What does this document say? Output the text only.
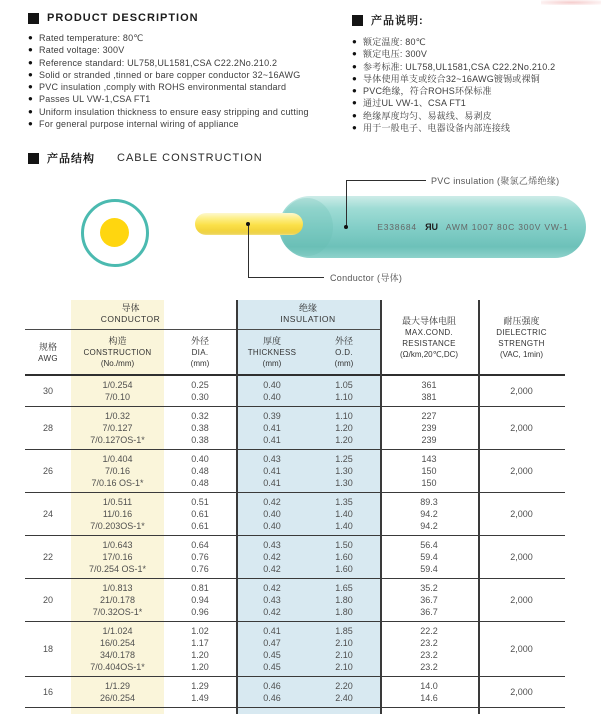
PRODUCT DESCRIPTION
● Rated temperature: 80℃
● Rated voltage: 300V
● Reference standard: UL758,UL1581,CSA C22.2No.210.2
● Solid or stranded ,tinned or bare copper conductor 32~16AWG
● PVC insulation ,comply with ROHS environmental standard
● Passes UL VW-1,CSA FT1
● Uniform insulation thickness to ensure easy stripping and cutting
● For general purpose internal wiring of appliance
产品说明:
● 额定温度: 80℃
● 额定电压: 300V
● 参考标准: UL758,UL1581,CSA C22.2No.210.2
● 导体使用单支或绞合32~16AWG镀锡或裸铜
● PVC绝缘，符合ROHS环保标准
● 通过UL VW-1、CSA FT1
● 绝缘厚度均匀、易裁线、易剥皮
● 用于一般电子、电器设备内部连接线
产品结构 CABLE CONSTRUCTION
E338684 ЯU AWM 1007 80C 300V VW-1
PVC insulation (聚氯乙烯绝缘)
Conductor (导体)
导体
CONDUCTOR
绝缘
INSULATION	最大导体电阻
MAX.COND.
RESISTANCE
(Ω/km,20℃,DC)
耐压强度
DIELECTRIC
STRENGTH
(VAC, 1min)
规格
AWG
构造
CONSTRUCTION
(No./mm)
外径
DIA.
(mm)
厚度
THICKNESS
(mm)
外径
O.D.
(mm)
30
1/0.254
7/0.10
0.25
0.30
0.40
0.40
1.05
1.10
361
381
2,000
28
1/0.32
7/0.127
7/0.127OS-1*
0.32
0.38
0.38
0.39
0.41
0.41
1.10
1.20
1.20
227
239
239
2,000
26
1/0.404
7/0.16
7/0.16 OS-1*
0.40
0.48
0.48
0.43
0.41
0.41
1.25
1.30
1.30
143
150
150
2,000
24
1/0.511
11/0.16
7/0.203OS-1*
0.51
0.61
0.61
0.42
0.40
0.40
1.35
1.40
1.40
89.3
94.2
94.2
2,000
22
1/0.643
17/0.16
7/0.254 OS-1*
0.64
0.76
0.76
0.43
0.42
0.42
1.50
1.60
1.60
56.4
59.4
59.4
2,000
20
1/0.813
21/0.178
7/0.32OS-1*
0.81
0.94
0.96
0.42
0.43
0.42
1.65
1.80
1.80
35.2
36.7
36.7
2,000
18
1/1.024
16/0.254
34/0.178
7/0.404OS-1*
1.02
1.17
1.20
1.20
0.41
0.47
0.45
0.45
1.85
2.10
2.10
2.10
22.2
23.2
23.2
23.2
2,000
16
1/1.29
26/0.254
1.29
1.49
0.46
0.46
2.20
2.40
14.0
14.6
2,000
